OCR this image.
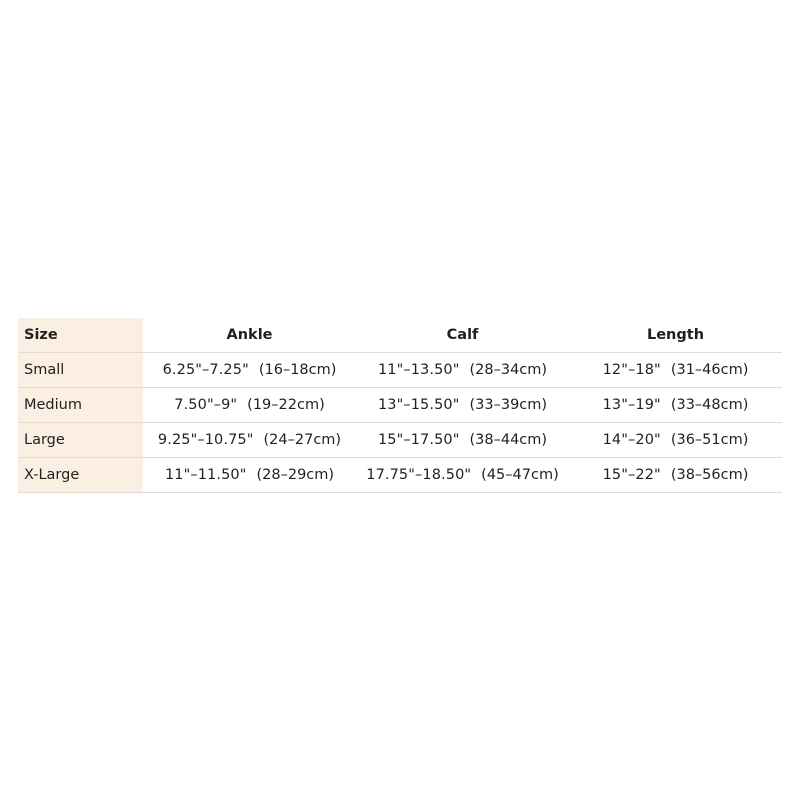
Size	Ankle	Calf	Length
Small	6.25"–7.25" (16–18cm)	11"–13.50" (28–34cm)	12"–18" (31–46cm)
Medium	7.50"–9" (19–22cm)	13"–15.50" (33–39cm)	13"–19" (33–48cm)
Large	9.25"–10.75" (24–27cm)	15"–17.50" (38–44cm)	14"–20" (36–51cm)
X-Large	11"–11.50" (28–29cm)	17.75"–18.50" (45–47cm)	15"–22" (38–56cm)
